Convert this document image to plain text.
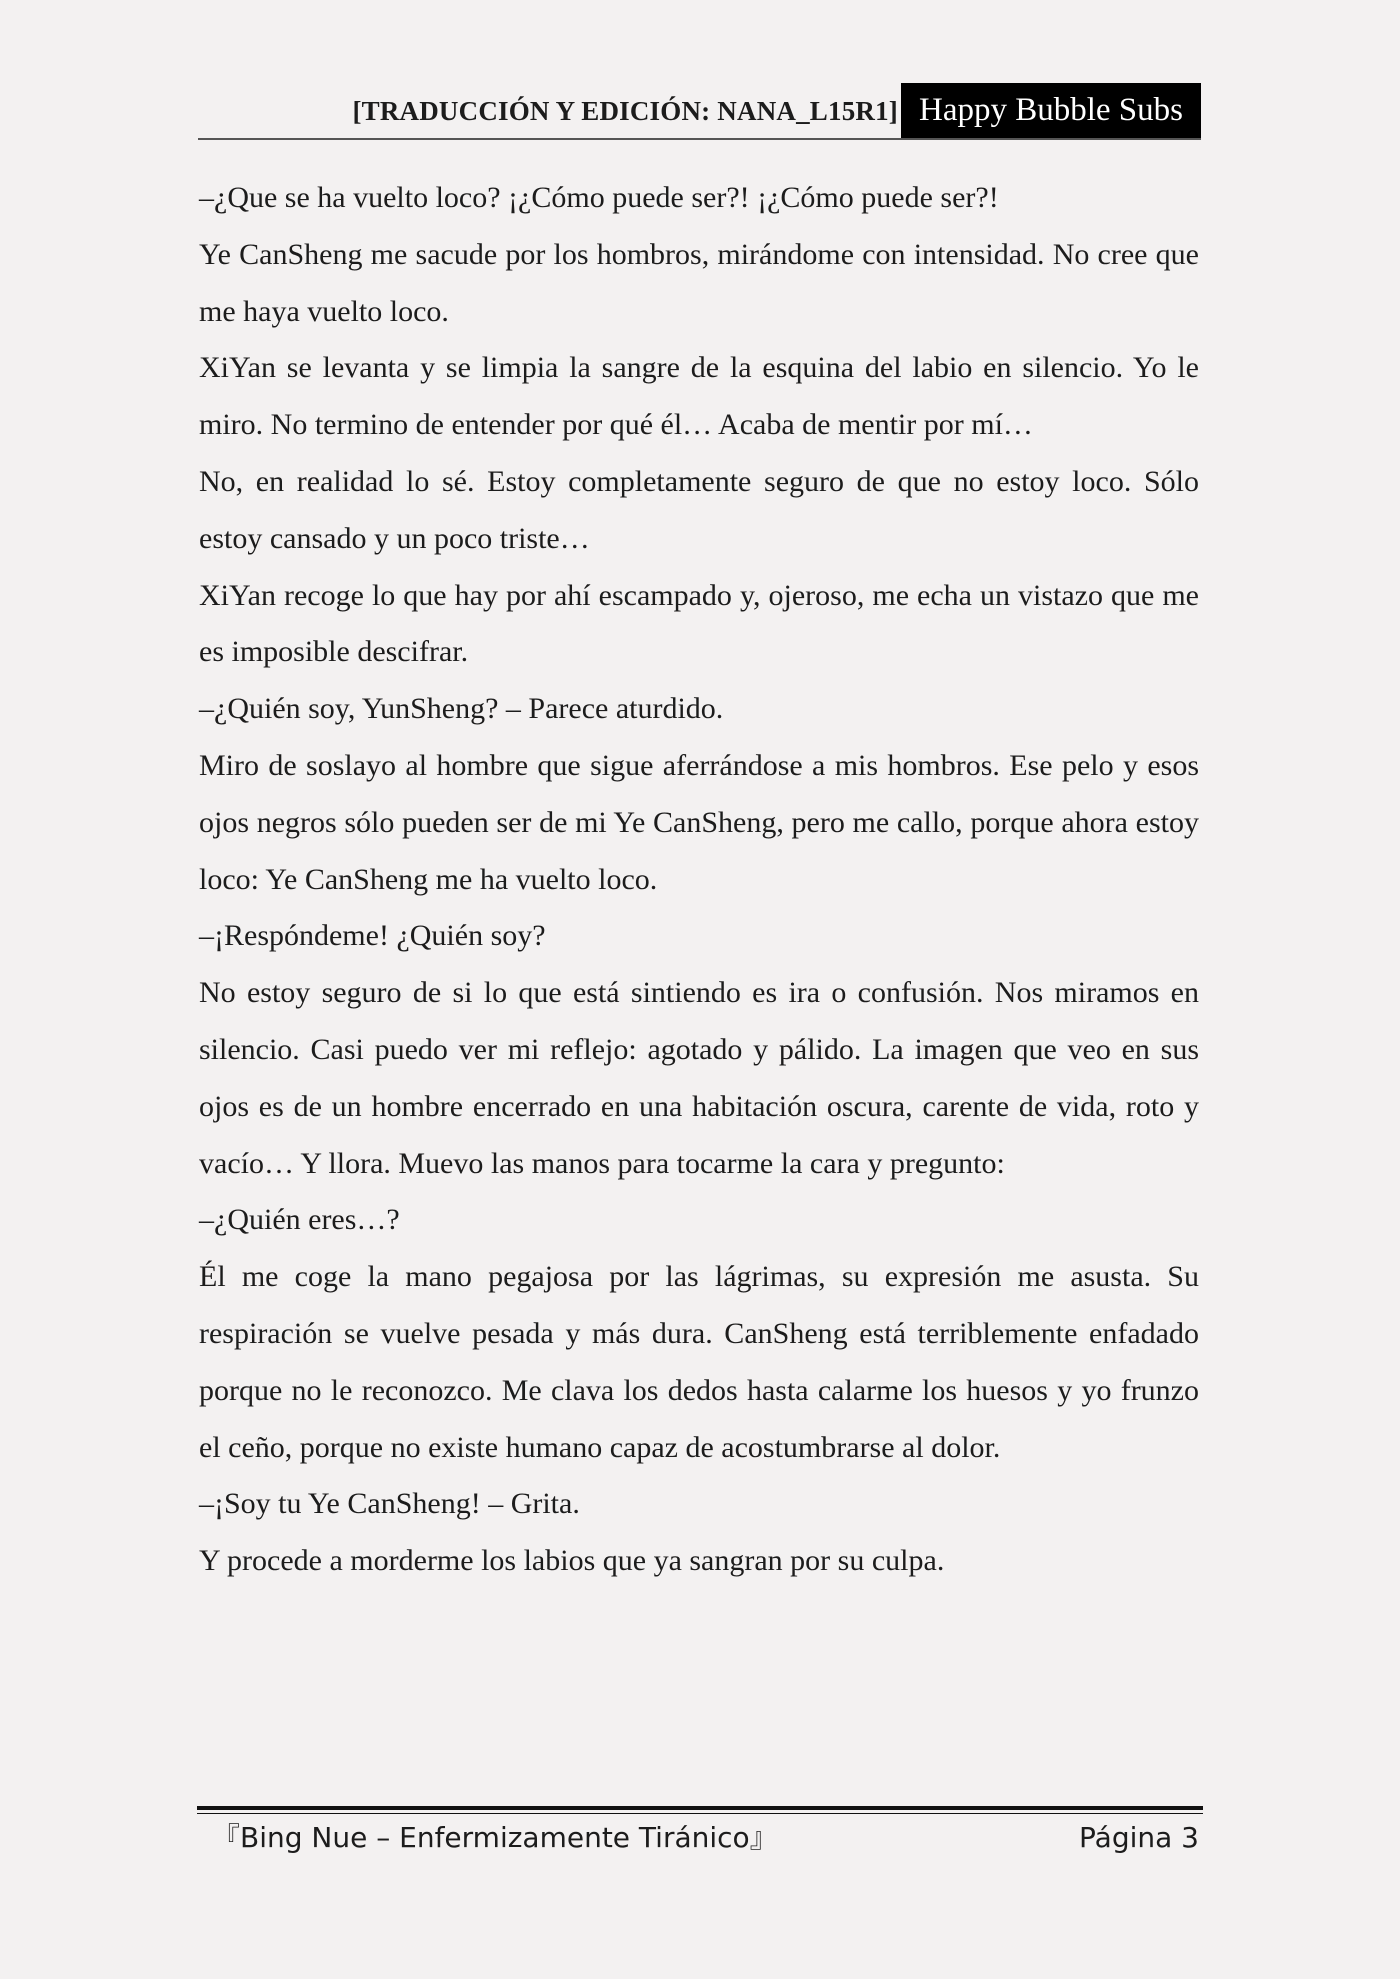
[TRADUCCIÓN Y EDICIÓN: NANA_L15R1] Happy Bubble Subs

–¿Que se ha vuelto loco? ¡¿Cómo puede ser?! ¡¿Cómo puede ser?!

Ye CanSheng me sacude por los hombros, mirándome con intensidad. No cree que me haya vuelto loco.

XiYan se levanta y se limpia la sangre de la esquina del labio en silencio. Yo le miro. No termino de entender por qué él… Acaba de mentir por mí…

No, en realidad lo sé. Estoy completamente seguro de que no estoy loco. Sólo estoy cansado y un poco triste…

XiYan recoge lo que hay por ahí escampado y, ojeroso, me echa un vistazo que me es imposible descifrar.

–¿Quién soy, YunSheng? – Parece aturdido.

Miro de soslayo al hombre que sigue aferrándose a mis hombros. Ese pelo y esos ojos negros sólo pueden ser de mi Ye CanSheng, pero me callo, porque ahora estoy loco: Ye CanSheng me ha vuelto loco.

–¡Respóndeme! ¿Quién soy?

No estoy seguro de si lo que está sintiendo es ira o confusión. Nos miramos en silencio. Casi puedo ver mi reflejo: agotado y pálido. La imagen que veo en sus ojos es de un hombre encerrado en una habitación oscura, carente de vida, roto y vacío… Y llora. Muevo las manos para tocarme la cara y pregunto:

–¿Quién eres…?

Él me coge la mano pegajosa por las lágrimas, su expresión me asusta. Su respiración se vuelve pesada y más dura. CanSheng está terriblemente enfadado porque no le reconozco. Me clava los dedos hasta calarme los huesos y yo frunzo el ceño, porque no existe humano capaz de acostumbrarse al dolor.

–¡Soy tu Ye CanSheng! – Grita.

Y procede a morderme los labios que ya sangran por su culpa.

『Bing Nue – Enfermizamente Tiránico』	Página 3
